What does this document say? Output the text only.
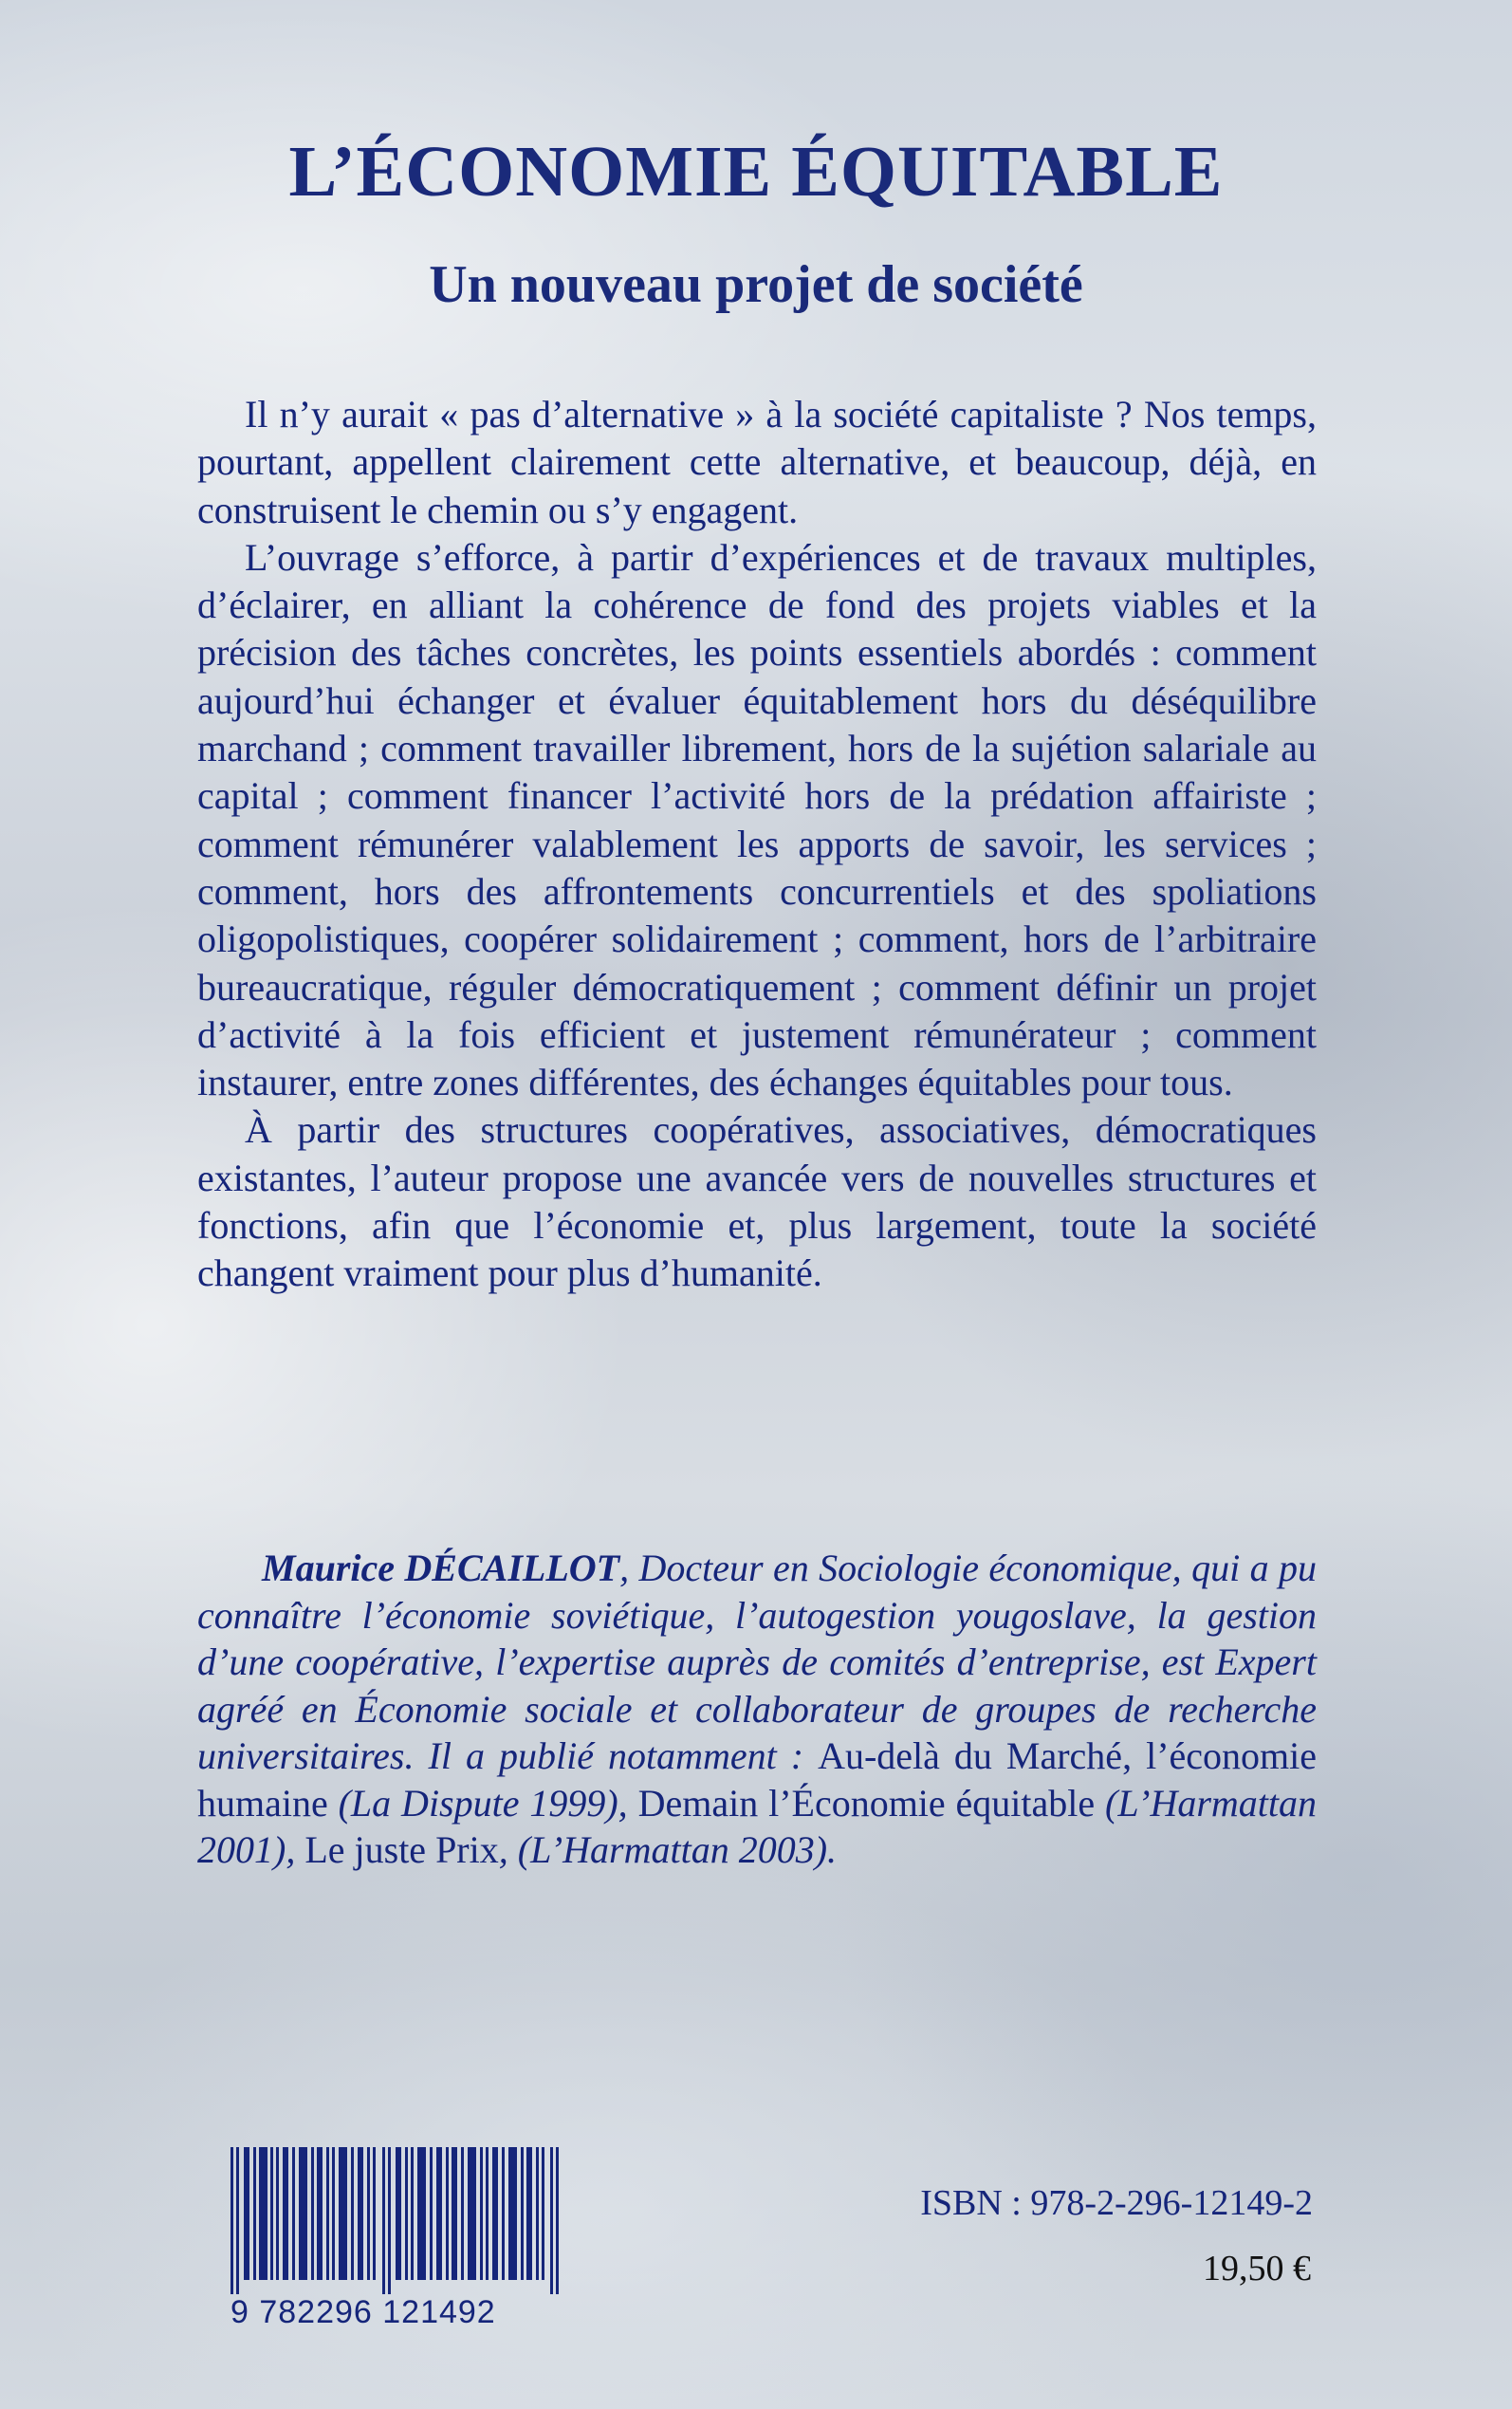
L’ÉCONOMIE ÉQUITABLE
Un nouveau projet de société

Il n’y aurait « pas d’alternative » à la société capitaliste ? Nos temps, pourtant, appellent clairement cette alternative, et beaucoup, déjà, en construisent le chemin ou s’y engagent.

L’ouvrage s’efforce, à partir d’expériences et de travaux multiples, d’éclairer, en alliant la cohérence de fond des projets viables et la précision des tâches concrètes, les points essentiels abordés : comment aujourd’hui échanger et évaluer équitablement hors du déséquilibre marchand ; comment travailler librement, hors de la sujétion salariale au capital ; comment financer l’activité hors de la prédation affairiste ; comment rémunérer valablement les apports de savoir, les services ; comment, hors des affrontements concurrentiels et des spoliations oligopolistiques, coopérer solidairement ; comment, hors de l’arbitraire bureaucratique, réguler démocratiquement ; comment définir un projet d’activité à la fois efficient et justement rémunérateur ; comment instaurer, entre zones différentes, des échanges équitables pour tous.

À partir des structures coopératives, associatives, démocratiques existantes, l’auteur propose une avancée vers de nouvelles structures et fonctions, afin que l’économie et, plus largement, toute la société changent vraiment pour plus d’humanité.

Maurice DÉCAILLOT, Docteur en Sociologie économique, qui a pu connaître l’économie soviétique, l’autogestion yougoslave, la gestion d’une coopérative, l’expertise auprès de comités d’entreprise, est Expert agréé en Économie sociale et collaborateur de groupes de recherche universitaires. Il a publié notamment : Au-delà du Marché, l’économie humaine (La Dispute 1999), Demain l’Économie équitable (L’Harmattan 2001), Le juste Prix, (L’Harmattan 2003).

9 782296 121492
ISBN : 978-2-296-12149-2
19,50 €
